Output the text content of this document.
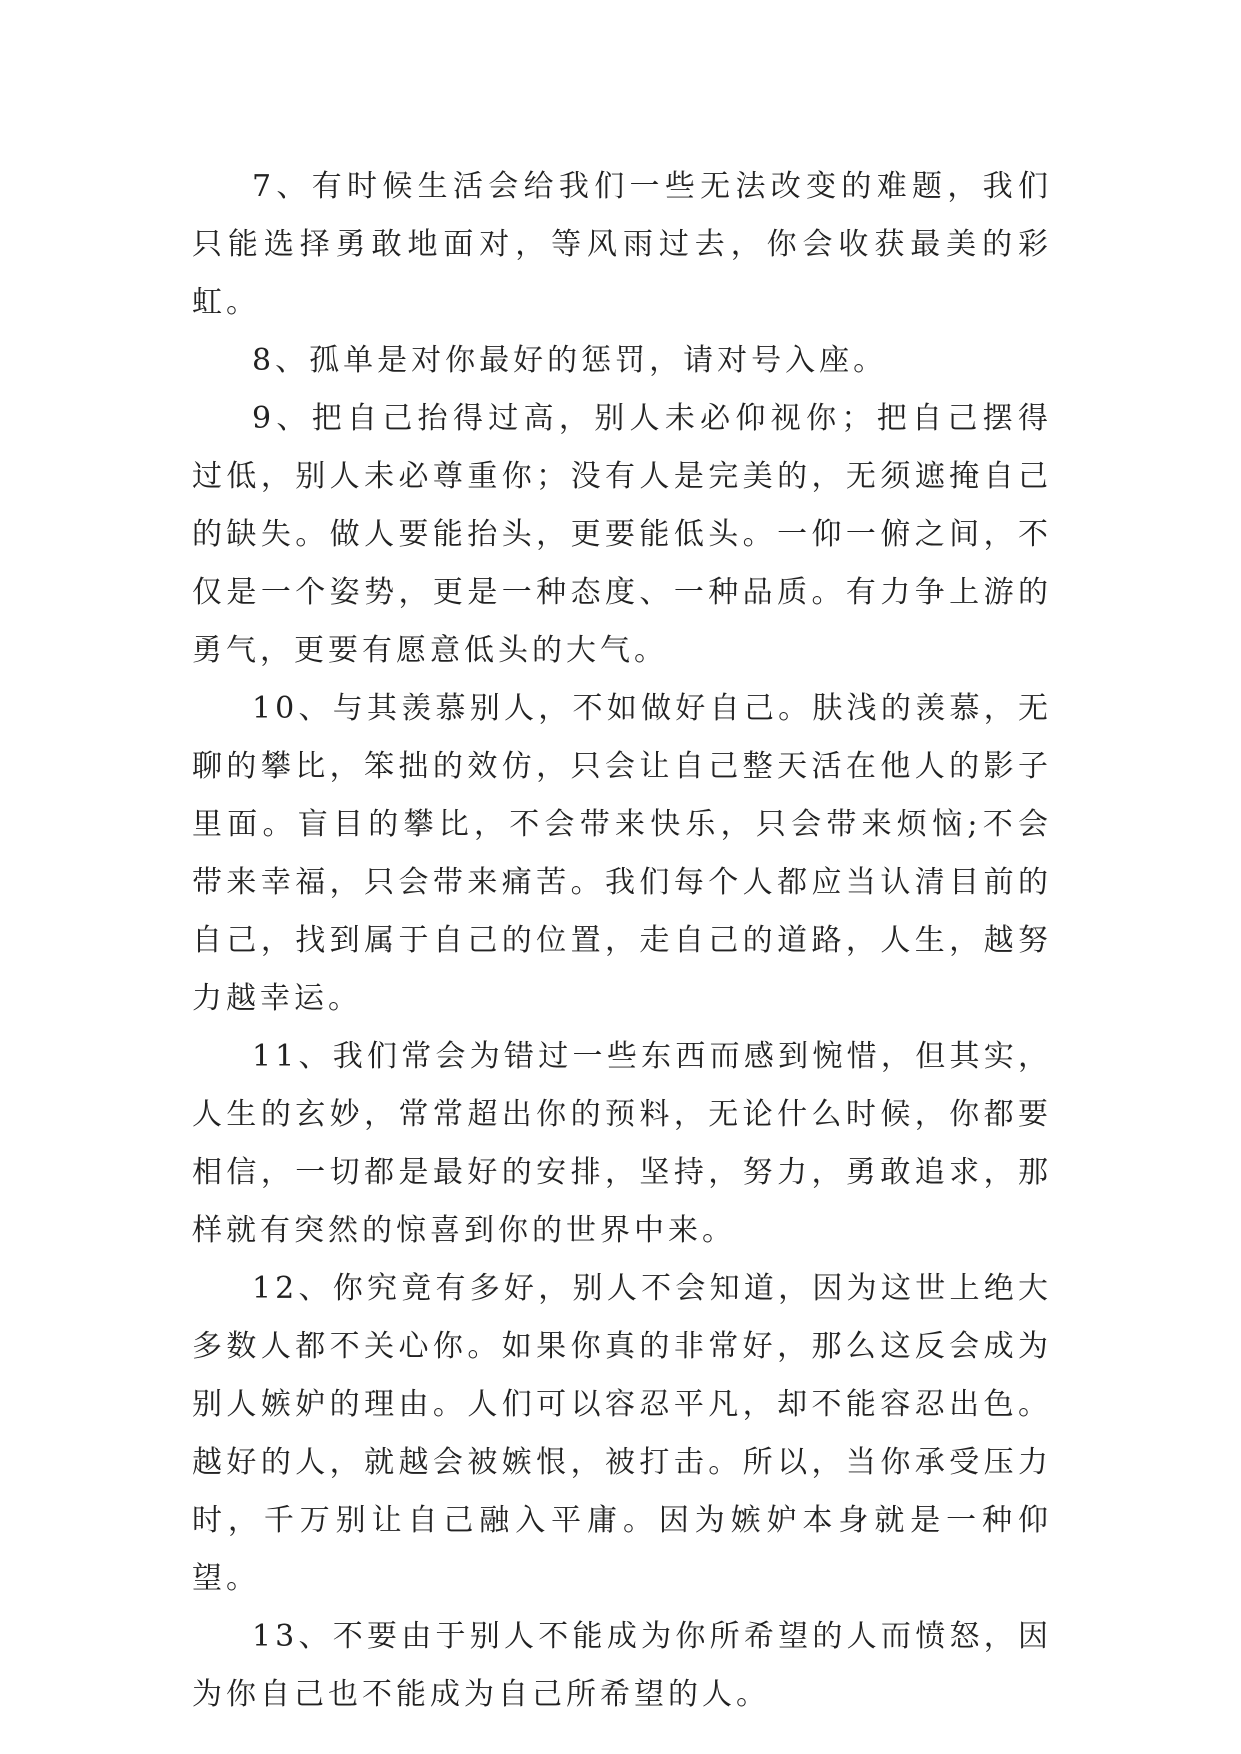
7、有时候生活会给我们一些无法改变的难题，我们只能选择勇敢地面对，等风雨过去，你会收获最美的彩虹。

8、孤单是对你最好的惩罚，请对号入座。

9、把自己抬得过高，别人未必仰视你；把自己摆得过低，别人未必尊重你；没有人是完美的，无须遮掩自己的缺失。做人要能抬头，更要能低头。一仰一俯之间，不仅是一个姿势，更是一种态度、一种品质。有力争上游的勇气，更要有愿意低头的大气。

10、与其羡慕别人，不如做好自己。肤浅的羡慕，无聊的攀比，笨拙的效仿，只会让自己整天活在他人的影子里面。盲目的攀比，不会带来快乐，只会带来烦恼;不会带来幸福，只会带来痛苦。我们每个人都应当认清目前的自己，找到属于自己的位置，走自己的道路，人生，越努力越幸运。

11、我们常会为错过一些东西而感到惋惜，但其实，人生的玄妙，常常超出你的预料，无论什么时候，你都要相信，一切都是最好的安排，坚持，努力，勇敢追求，那样就有突然的惊喜到你的世界中来。

12、你究竟有多好，别人不会知道，因为这世上绝大多数人都不关心你。如果你真的非常好，那么这反会成为别人嫉妒的理由。人们可以容忍平凡，却不能容忍出色。越好的人，就越会被嫉恨，被打击。所以，当你承受压力时，千万别让自己融入平庸。因为嫉妒本身就是一种仰望。

13、不要由于别人不能成为你所希望的人而愤怒，因为你自己也不能成为自己所希望的人。
